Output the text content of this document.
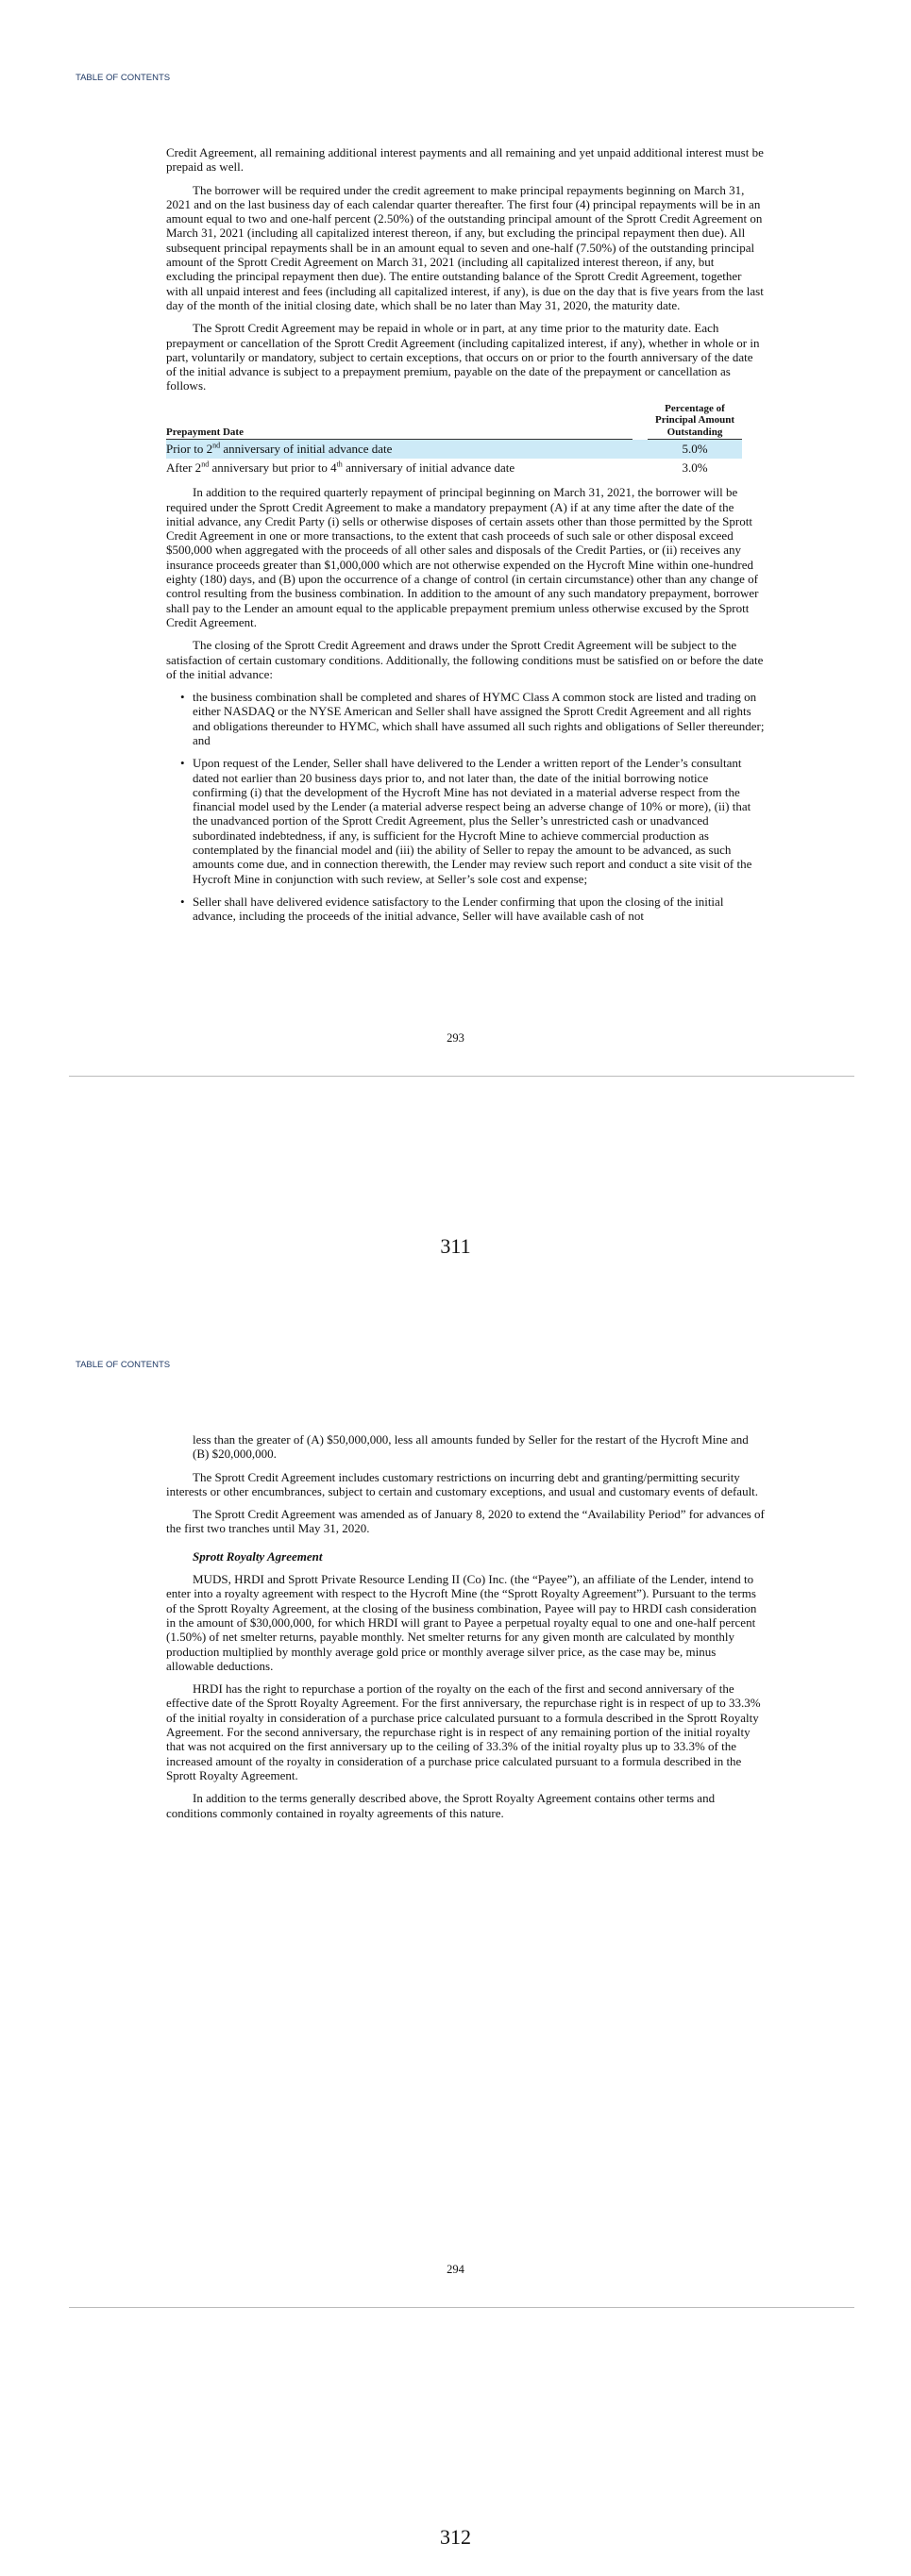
TABLE OF CONTENTS

Credit Agreement, all remaining additional interest payments and all remaining and yet unpaid additional interest must be prepaid as well.

The borrower will be required under the credit agreement to make principal repayments beginning on March 31, 2021 and on the last business day of each calendar quarter thereafter. The first four (4) principal repayments will be in an amount equal to two and one-half percent (2.50%) of the outstanding principal amount of the Sprott Credit Agreement on March 31, 2021 (including all capitalized interest thereon, if any, but excluding the principal repayment then due). All subsequent principal repayments shall be in an amount equal to seven and one-half (7.50%) of the outstanding principal amount of the Sprott Credit Agreement on March 31, 2021 (including all capitalized interest thereon, if any, but excluding the principal repayment then due). The entire outstanding balance of the Sprott Credit Agreement, together with all unpaid interest and fees (including all capitalized interest, if any), is due on the day that is five years from the last day of the month of the initial closing date, which shall be no later than May 31, 2020, the maturity date.

The Sprott Credit Agreement may be repaid in whole or in part, at any time prior to the maturity date. Each prepayment or cancellation of the Sprott Credit Agreement (including capitalized interest, if any), whether in whole or in part, voluntarily or mandatory, subject to certain exceptions, that occurs on or prior to the fourth anniversary of the date of the initial advance is subject to a prepayment premium, payable on the date of the prepayment or cancellation as follows.

Prepayment Date		Percentage of Principal Amount Outstanding
Prior to 2nd anniversary of initial advance date		5.0%
After 2nd anniversary but prior to 4th anniversary of initial advance date		3.0%

In addition to the required quarterly repayment of principal beginning on March 31, 2021, the borrower will be required under the Sprott Credit Agreement to make a mandatory prepayment (A) if at any time after the date of the initial advance, any Credit Party (i) sells or otherwise disposes of certain assets other than those permitted by the Sprott Credit Agreement in one or more transactions, to the extent that cash proceeds of such sale or other disposal exceed $500,000 when aggregated with the proceeds of all other sales and disposals of the Credit Parties, or (ii) receives any insurance proceeds greater than $1,000,000 which are not otherwise expended on the Hycroft Mine within one-hundred eighty (180) days, and (B) upon the occurrence of a change of control (in certain circumstance) other than any change of control resulting from the business combination. In addition to the amount of any such mandatory prepayment, borrower shall pay to the Lender an amount equal to the applicable prepayment premium unless otherwise excused by the Sprott Credit Agreement.

The closing of the Sprott Credit Agreement and draws under the Sprott Credit Agreement will be subject to the satisfaction of certain customary conditions. Additionally, the following conditions must be satisfied on or before the date of the initial advance:

• the business combination shall be completed and shares of HYMC Class A common stock are listed and trading on either NASDAQ or the NYSE American and Seller shall have assigned the Sprott Credit Agreement and all rights and obligations thereunder to HYMC, which shall have assumed all such rights and obligations of Seller thereunder; and
• Upon request of the Lender, Seller shall have delivered to the Lender a written report of the Lender’s consultant dated not earlier than 20 business days prior to, and not later than, the date of the initial borrowing notice confirming (i) that the development of the Hycroft Mine has not deviated in a material adverse respect from the financial model used by the Lender (a material adverse respect being an adverse change of 10% or more), (ii) that the unadvanced portion of the Sprott Credit Agreement, plus the Seller’s unrestricted cash or unadvanced subordinated indebtedness, if any, is sufficient for the Hycroft Mine to achieve commercial production as contemplated by the financial model and (iii) the ability of Seller to repay the amount to be advanced, as such amounts come due, and in connection therewith, the Lender may review such report and conduct a site visit of the Hycroft Mine in conjunction with such review, at Seller’s sole cost and expense;
• Seller shall have delivered evidence satisfactory to the Lender confirming that upon the closing of the initial advance, including the proceeds of the initial advance, Seller will have available cash of not
293
311
TABLE OF CONTENTS

less than the greater of (A) $50,000,000, less all amounts funded by Seller for the restart of the Hycroft Mine and (B) $20,000,000.

The Sprott Credit Agreement includes customary restrictions on incurring debt and granting/permitting security interests or other encumbrances, subject to certain and customary exceptions, and usual and customary events of default.

The Sprott Credit Agreement was amended as of January 8, 2020 to extend the “Availability Period” for advances of the first two tranches until May 31, 2020.

Sprott Royalty Agreement

MUDS, HRDI and Sprott Private Resource Lending II (Co) Inc. (the “Payee”), an affiliate of the Lender, intend to enter into a royalty agreement with respect to the Hycroft Mine (the “Sprott Royalty Agreement”). Pursuant to the terms of the Sprott Royalty Agreement, at the closing of the business combination, Payee will pay to HRDI cash consideration in the amount of $30,000,000, for which HRDI will grant to Payee a perpetual royalty equal to one and one-half percent (1.50%) of net smelter returns, payable monthly. Net smelter returns for any given month are calculated by monthly production multiplied by monthly average gold price or monthly average silver price, as the case may be, minus allowable deductions.

HRDI has the right to repurchase a portion of the royalty on the each of the first and second anniversary of the effective date of the Sprott Royalty Agreement. For the first anniversary, the repurchase right is in respect of up to 33.3% of the initial royalty in consideration of a purchase price calculated pursuant to a formula described in the Sprott Royalty Agreement. For the second anniversary, the repurchase right is in respect of any remaining portion of the initial royalty that was not acquired on the first anniversary up to the ceiling of 33.3% of the initial royalty plus up to 33.3% of the increased amount of the royalty in consideration of a purchase price calculated pursuant to a formula described in the Sprott Royalty Agreement.

In addition to the terms generally described above, the Sprott Royalty Agreement contains other terms and conditions commonly contained in royalty agreements of this nature.

294
312
